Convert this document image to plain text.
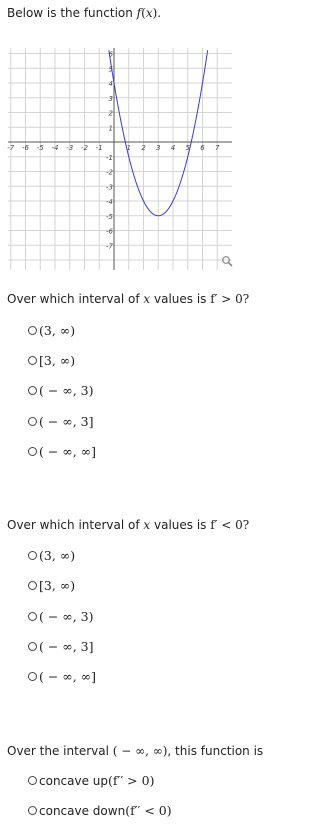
Below is the function f(x).
-7 -6 -5 -4 -3 -2 -1	1 2 3 4 5 6 7
6
5
4
3
2
1
-1
-2
-3
-4
-5
-6
-7
Over which interval of x values is f′ > 0?
(3, ∞)
[3, ∞)
( − ∞, 3)
( − ∞, 3]
( − ∞, ∞]
Over which interval of x values is f′ < 0?
(3, ∞)
[3, ∞)
( − ∞, 3)
( − ∞, 3]
( − ∞, ∞]
Over the interval ( − ∞, ∞), this function is
concave up (f′′ > 0)
concave down (f′′ < 0)
